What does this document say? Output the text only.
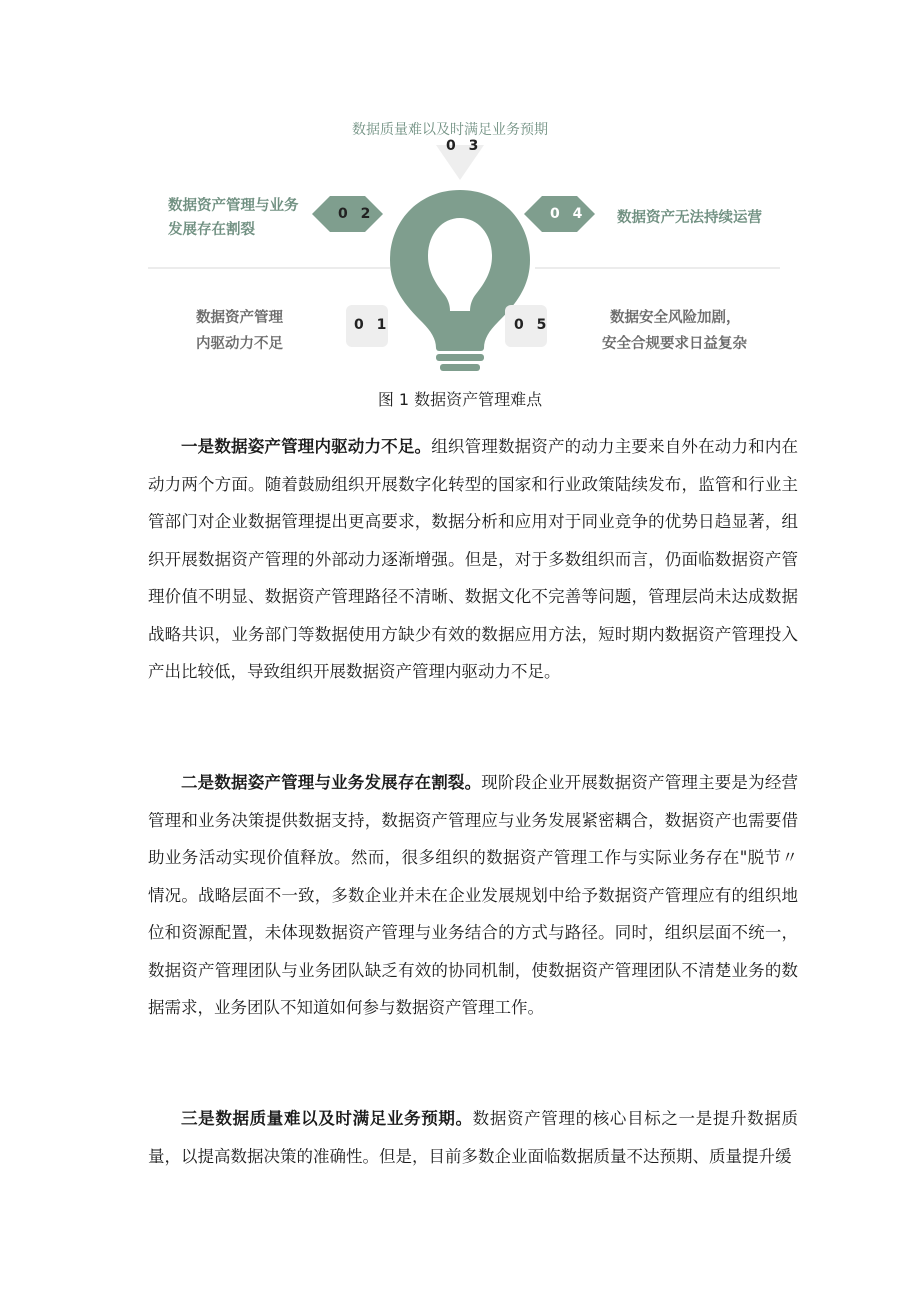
数据质量难以及时满足业务预期
0 3
数据资产管理与业务
发展存在割裂
0 2	0 4 数据资产无法持续运营
数据资产管理
内驱动力不足
0 1	0 5	数据安全风险加剧，
安全合规要求日益复杂
图 1 数据资产管理难点

一是数据姿产管理内驱动力不足。组织管理数据资产的动力主要来自外在动力和内在动力两个方面。随着鼓励组织开展数字化转型的国家和行业政策陆续发布，监管和行业主管部门对企业数据管理提出更高要求，数据分析和应用对于同业竞争的优势日趋显著，组织开展数据资产管理的外部动力逐渐增强。但是，对于多数组织而言，仍面临数据资产管理价值不明显、数据资产管理路径不清晰、数据文化不完善等问题，管理层尚未达成数据战略共识，业务部门等数据使用方缺少有效的数据应用方法，短时期内数据资产管理投入产出比较低，导致组织开展数据资产管理内驱动力不足。

二是数据姿产管理与业务发展存在割裂。现阶段企业开展数据资产管理主要是为经营管理和业务决策提供数据支持，数据资产管理应与业务发展紧密耦合，数据资产也需要借助业务活动实现价值释放。然而，很多组织的数据资产管理工作与实际业务存在"脱节〃情况。战略层面不一致，多数企业并未在企业发展规划中给予数据资产管理应有的组织地位和资源配置，未体现数据资产管理与业务结合的方式与路径。同时，组织层面不统一，数据资产管理团队与业务团队缺乏有效的协同机制，使数据资产管理团队不清楚业务的数据需求，业务团队不知道如何参与数据资产管理工作。

三是数据质量难以及时满足业务预期。数据资产管理的核心目标之一是提升数据质量，以提高数据决策的准确性。但是，目前多数企业面临数据质量不达预期、质量提升缓
